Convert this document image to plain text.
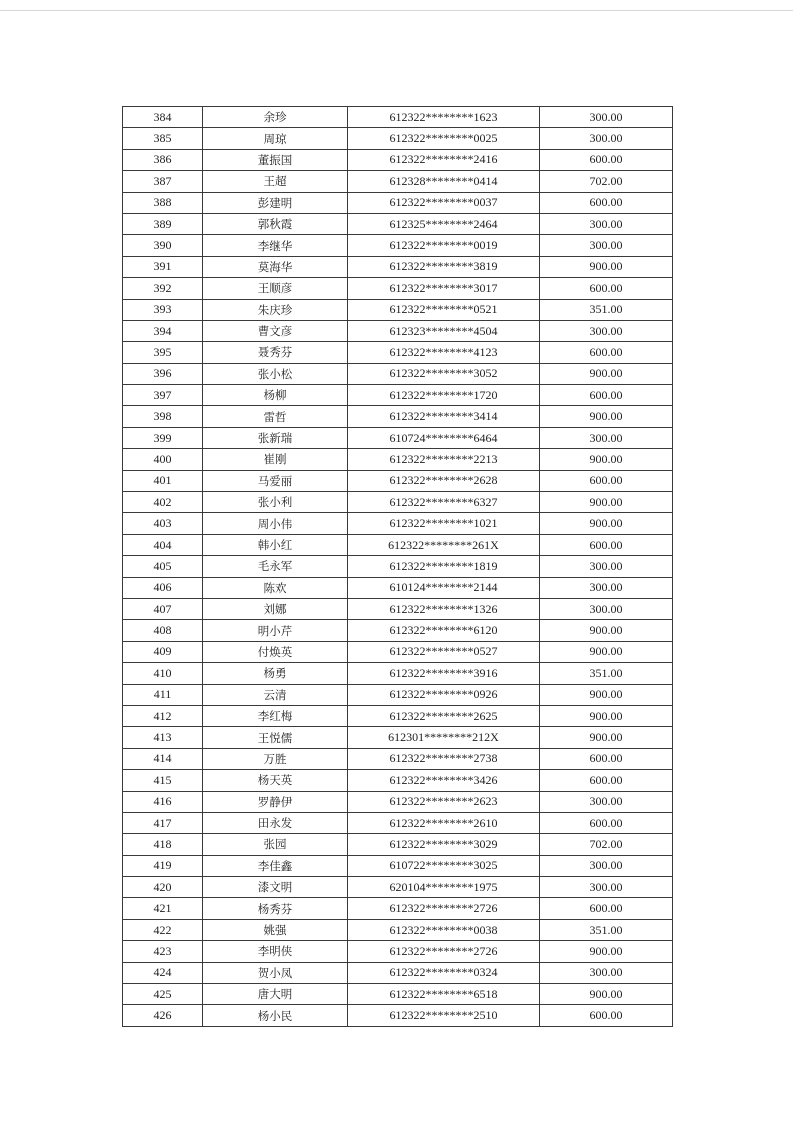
384	余珍	612322********1623	300.00
385	周琼	612322********0025	300.00
386	董振国	612322********2416	600.00
387	王超	612328********0414	702.00
388	彭建明	612322********0037	600.00
389	郭秋霞	612325********2464	300.00
390	李继华	612322********0019	300.00
391	莫海华	612322********3819	900.00
392	王顺彦	612322********3017	600.00
393	朱庆珍	612322********0521	351.00
394	曹文彦	612323********4504	300.00
395	聂秀芬	612322********4123	600.00
396	张小松	612322********3052	900.00
397	杨柳	612322********1720	600.00
398	雷哲	612322********3414	900.00
399	张新瑞	610724********6464	300.00
400	崔刚	612322********2213	900.00
401	马爱丽	612322********2628	600.00
402	张小利	612322********6327	900.00
403	周小伟	612322********1021	900.00
404	韩小红	612322********261X	600.00
405	毛永军	612322********1819	300.00
406	陈欢	610124********2144	300.00
407	刘娜	612322********1326	300.00
408	明小芹	612322********6120	900.00
409	付焕英	612322********0527	900.00
410	杨勇	612322********3916	351.00
411	云清	612322********0926	900.00
412	李红梅	612322********2625	900.00
413	王悦儒	612301********212X	900.00
414	万胜	612322********2738	600.00
415	杨天英	612322********3426	600.00
416	罗静伊	612322********2623	300.00
417	田永发	612322********2610	600.00
418	张园	612322********3029	702.00
419	李佳鑫	610722********3025	300.00
420	漆文明	620104********1975	300.00
421	杨秀芬	612322********2726	600.00
422	姚强	612322********0038	351.00
423	李明侠	612322********2726	900.00
424	贺小凤	612322********0324	300.00
425	唐大明	612322********6518	900.00
426	杨小民	612322********2510	600.00
